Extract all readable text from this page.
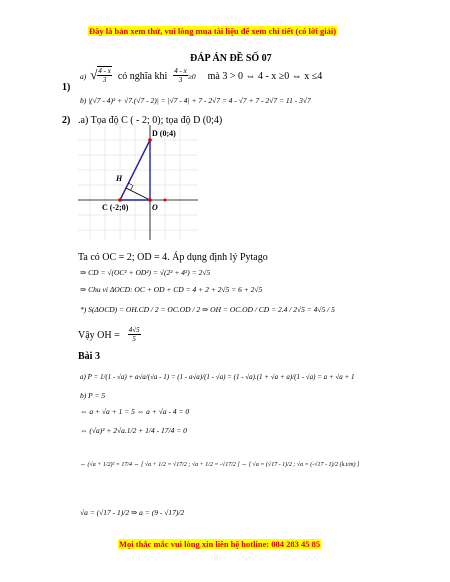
Đây là bản xem thử, vui lòng mua tài liệu để xem chi tiết (có lời giải)
ĐÁP ÁN ĐỀ SỐ 07
1)
a) √ $\frac{4 - x}{3}$ có nghĩa khi $\frac{4 - x}{3} \ge 0$ mà 3 > 0 ⇔ 4 - x ≥0 ⇔ x ≤4
b) |(√7 - 4)² + √7.(√7 - 2)| = |√7 - 4| + 7 - 2√7 = 4 - √7 + 7 - 2√7 = 11 - 3√7
2) .a) Tọa độ C ( - 2; 0); tọa độ D (0;4)
D (0;4)
H
C (-2;0)	O
Ta có OC = 2; OD = 4. Áp dụng định lý Pytago
⇒ CD = √(OC² + OD²) = √(2² + 4²) = 2√5
⇒ Chu vi ΔOCD: OC + OD + CD = 4 + 2 + 2√5 = 6 + 2√5
*) S(ΔOCD) = OH.CD / 2 = OC.OD / 2 ⇒ OH = OC.OD / CD = 2.4 / 2√5 = 4√5 / 5
Vậy OH = $\frac{4√5}{5}$
Bài 3
a) P = 1/(1 - √a) + a√a/(√a - 1) = (1 - a√a)/(1 - √a) = (1 - √a).(1 + √a + a)/(1 - √a) = a + √a + 1
b) P = 5
⇔ a + √a + 1 = 5 ⇔ a + √a - 4 = 0
⇔ (√a)² + 2√a.1/2 + 1/4 - 17/4 = 0
⇔ (√a + 1/2)² = 17/4 ⇔ [ √a + 1/2 = √17/2 ; √a + 1/2 = -√17/2 ] ⇔ [ √a = (√17 - 1)/2 ; √a = (-√17 - 1)/2 (k.t/m) ]
√a = (√17 - 1)/2 ⇒ a = (9 - √17)/2
Mọi thắc mắc vui lòng xin liên hệ hotline: 084 283 45 85
